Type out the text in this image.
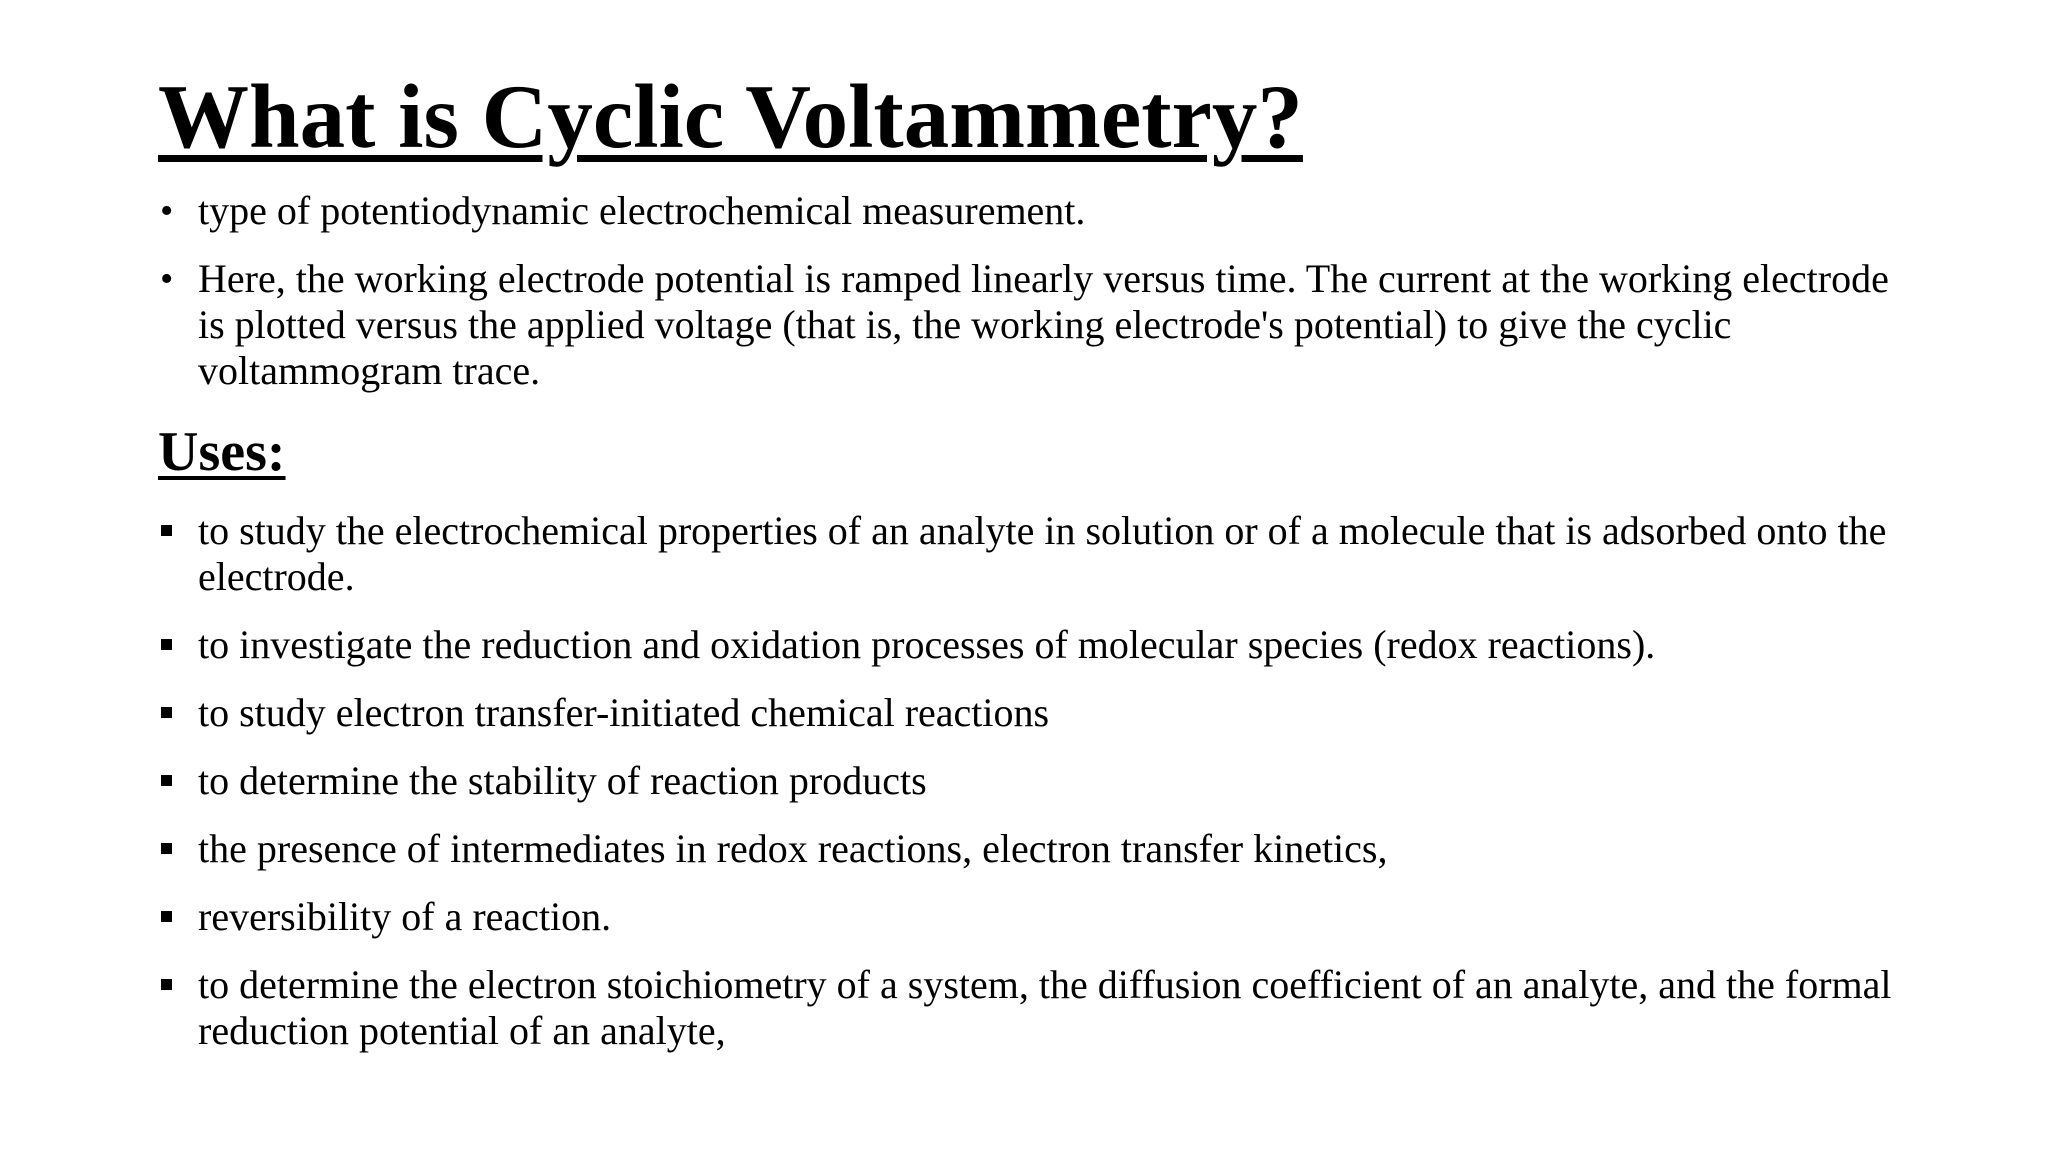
What is Cyclic Voltammetry?
• type of potentiodynamic electrochemical measurement.
• Here, the working electrode potential is ramped linearly versus time. The current at the working electrode is plotted versus the applied voltage (that is, the working electrode's potential) to give the cyclic voltammogram trace.
Uses:
to study the electrochemical properties of an analyte in solution or of a molecule that is adsorbed onto the electrode.
to investigate the reduction and oxidation processes of molecular species (redox reactions).
to study electron transfer-initiated chemical reactions
to determine the stability of reaction products
the presence of intermediates in redox reactions, electron transfer kinetics,
reversibility of a reaction.
to determine the electron stoichiometry of a system, the diffusion coefficient of an analyte, and the formal reduction potential of an analyte,
